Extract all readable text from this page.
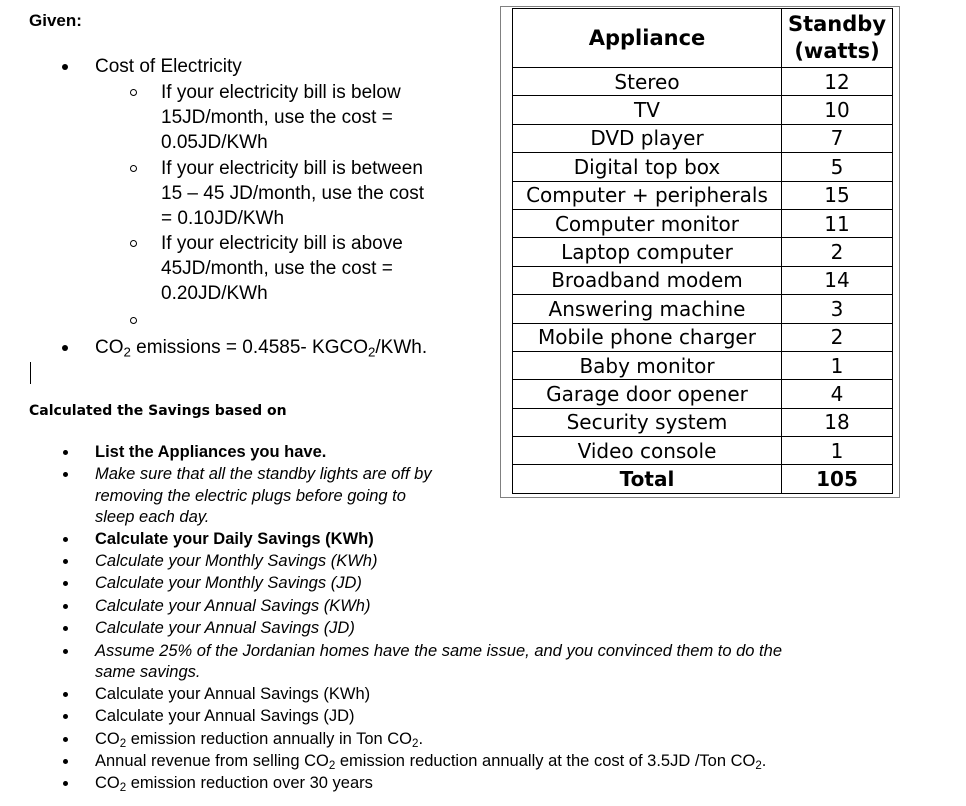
Given:
Cost of Electricity
If your electricity bill is below
15JD/month, use the cost =
0.05JD/KWh
If your electricity bill is between
15 – 45 JD/month, use the cost
= 0.10JD/KWh
If your electricity bill is above
45JD/month, use the cost =
0.20JD/KWh
$CO_2$ emissions = 0.4585- $KGCO_2$/KWh.
Calculated the Savings based on
List the Appliances you have.
Make sure that all the standby lights are off by
removing the electric plugs before going to
sleep each day.
Calculate your Daily Savings (KWh)
Calculate your Monthly Savings (KWh)
Calculate your Monthly Savings (JD)
Calculate your Annual Savings (KWh)
Calculate your Annual Savings (JD)
Assume 25% of the Jordanian homes have the same issue, and you convinced them to do the
same savings.
Calculate your Annual Savings (KWh)
Calculate your Annual Savings (JD)
$CO_2$ emission reduction annually in Ton $CO_2$.
Annual revenue from selling $CO_2$ emission reduction annually at the cost of 3.5JD /Ton $CO_2$.
$CO_2$ emission reduction over 30 years
Appliance	Standby
(watts)

Stereo	12
TV	10
DVD player	7
Digital top box	5
Computer + peripherals	15
Computer monitor	11
Laptop computer	2
Broadband modem	14
Answering machine	3
Mobile phone charger	2
Baby monitor	1
Garage door opener	4
Security system	18
Video console	1
Total	105
